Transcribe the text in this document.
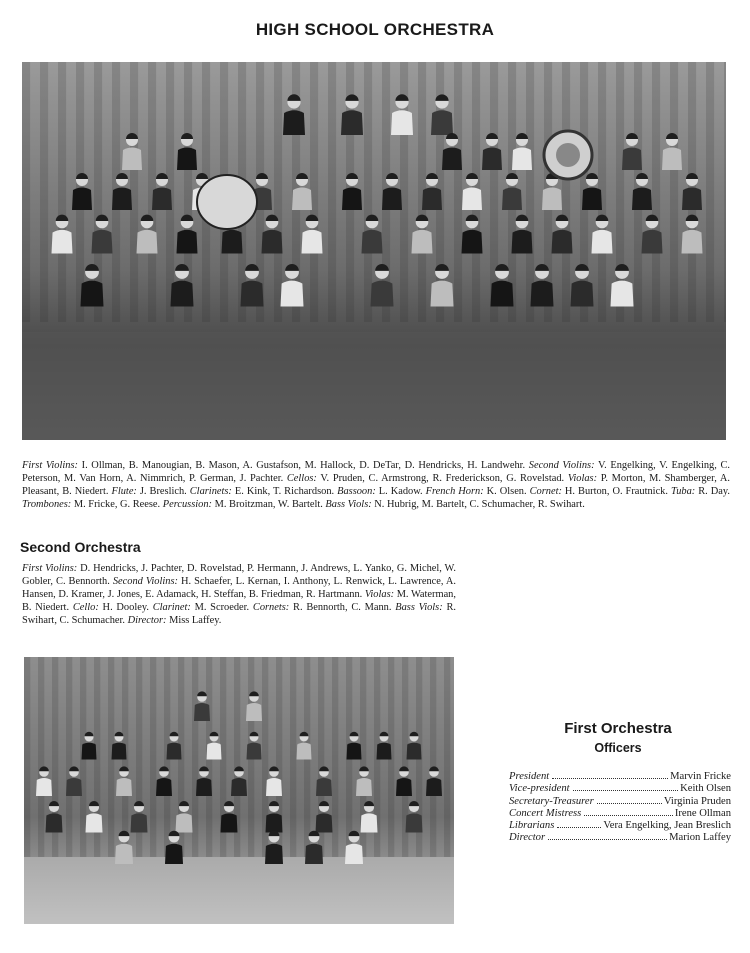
HIGH SCHOOL ORCHESTRA
First Violins: I. Ollman, B. Manougian, B. Mason, A. Gustafson, M. Hallock, D. DeTar, D. Hendricks, H. Landwehr. Second Violins: V. Engelking, V. Engelking, C. Peterson, M. Van Horn, A. Nimmrich, P. German, J. Pachter. Cellos: V. Pruden, C. Armstrong, R. Frederickson, G. Rovelstad. Violas: P. Morton, M. Shamberger, A. Pleasant, B. Niedert. Flute: J. Breslich. Clarinets: E. Kink, T. Richardson. Bassoon: L. Kadow. French Horn: K. Olsen. Cornet: H. Burton, O. Frautnick. Tuba: R. Day. Trombones: M. Fricke, G. Reese. Percussion: M. Broitzman, W. Bartelt. Bass Viols: N. Hubrig, M. Bartelt, C. Schumacher, R. Swihart.
Second Orchestra
First Violins: D. Hendricks, J. Pachter, D. Rovelstad, P. Hermann, J. Andrews, L. Yanko, G. Michel, W. Gobler, C. Bennorth. Second Violins: H. Schaefer, L. Kernan, I. Anthony, L. Renwick, L. Lawrence, A. Hansen, D. Kramer, J. Jones, E. Adamack, H. Steffan, B. Friedman, R. Hartmann. Violas: M. Waterman, B. Niedert. Cello: H. Dooley. Clarinet: M. Scroeder. Cornets: R. Bennorth, C. Mann. Bass Viols: R. Swihart, C. Schumacher. Director: Miss Laffey.
First Orchestra
Officers
President	Marvin Fricke
Vice-president	Keith Olsen
Secretary-Treasurer	Virginia Pruden
Concert Mistress	Irene Ollman
Librarians	Vera Engelking, Jean Breslich
Director	Marion Laffey
